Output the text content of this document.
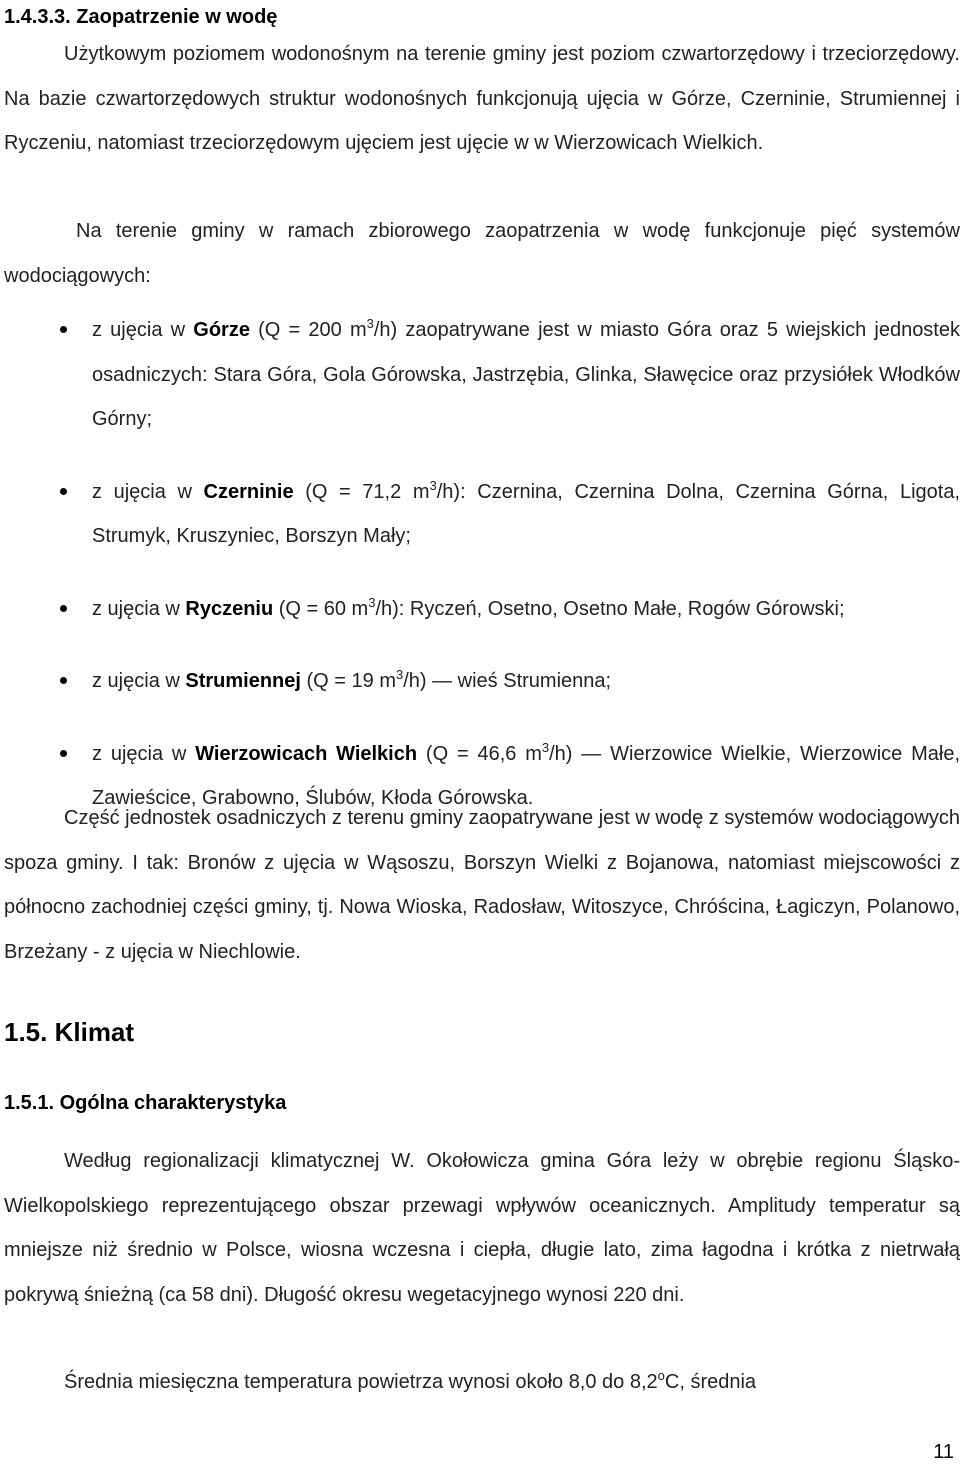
1.4.3.3. Zaopatrzenie w wodę

Użytkowym poziomem wodonośnym na terenie gminy jest poziom czwartorzędowy i trzeciorzędowy. Na bazie czwartorzędowych struktur wodonośnych funkcjonują ujęcia w Górze, Czerninie, Strumiennej i Ryczeniu, natomiast trzeciorzędowym ujęciem jest ujęcie w w Wierzowicach Wielkich.

Na terenie gminy w ramach zbiorowego zaopatrzenia w wodę funkcjonuje pięć systemów wodociągowych:

z ujęcia w Górze (Q = 200 $m^3/h$) zaopatrywane jest w miasto Góra oraz 5 wiejskich jednostek osadniczych: Stara Góra, Gola Górowska, Jastrzębia, Glinka, Sławęcice oraz przysiółek Włodków Górny;
z ujęcia w Czerninie (Q = 71,2 $m^3/h$): Czernina, Czernina Dolna, Czernina Górna, Ligota, Strumyk, Kruszyniec, Borszyn Mały;
z ujęcia w Ryczeniu (Q = 60 $m^3/h$): Ryczeń, Osetno, Osetno Małe, Rogów Górowski;
z ujęcia w Strumiennej (Q = 19 $m^3/h$) — wieś Strumienna;
z ujęcia w Wierzowicach Wielkich (Q = 46,6 $m^3/h$) — Wierzowice Wielkie, Wierzowice Małe, Zawieścice, Grabowno, Ślubów, Kłoda Górowska.

Część jednostek osadniczych z terenu gminy zaopatrywane jest w wodę z systemów wodociągowych spoza gminy. I tak: Bronów z ujęcia w Wąsoszu, Borszyn Wielki z Bojanowa, natomiast miejscowości z północno zachodniej części gminy, tj. Nowa Wioska, Radosław, Witoszyce, Chróścina, Łagiczyn, Polanowo, Brzeżany - z ujęcia w Niechlowie.

1.5. Klimat
1.5.1. Ogólna charakterystyka

Według regionalizacji klimatycznej W. Okołowicza gmina Góra leży w obrębie regionu Śląsko-Wielkopolskiego reprezentującego obszar przewagi wpływów oceanicznych. Amplitudy temperatur są mniejsze niż średnio w Polsce, wiosna wczesna i ciepła, długie lato, zima łagodna i krótka z nietrwałą pokrywą śnieżną (ca 58 dni). Długość okresu wegetacyjnego wynosi 220 dni.

Średnia miesięczna temperatura powietrza wynosi około 8,0 do 8,2$^o$C, średnia

11
